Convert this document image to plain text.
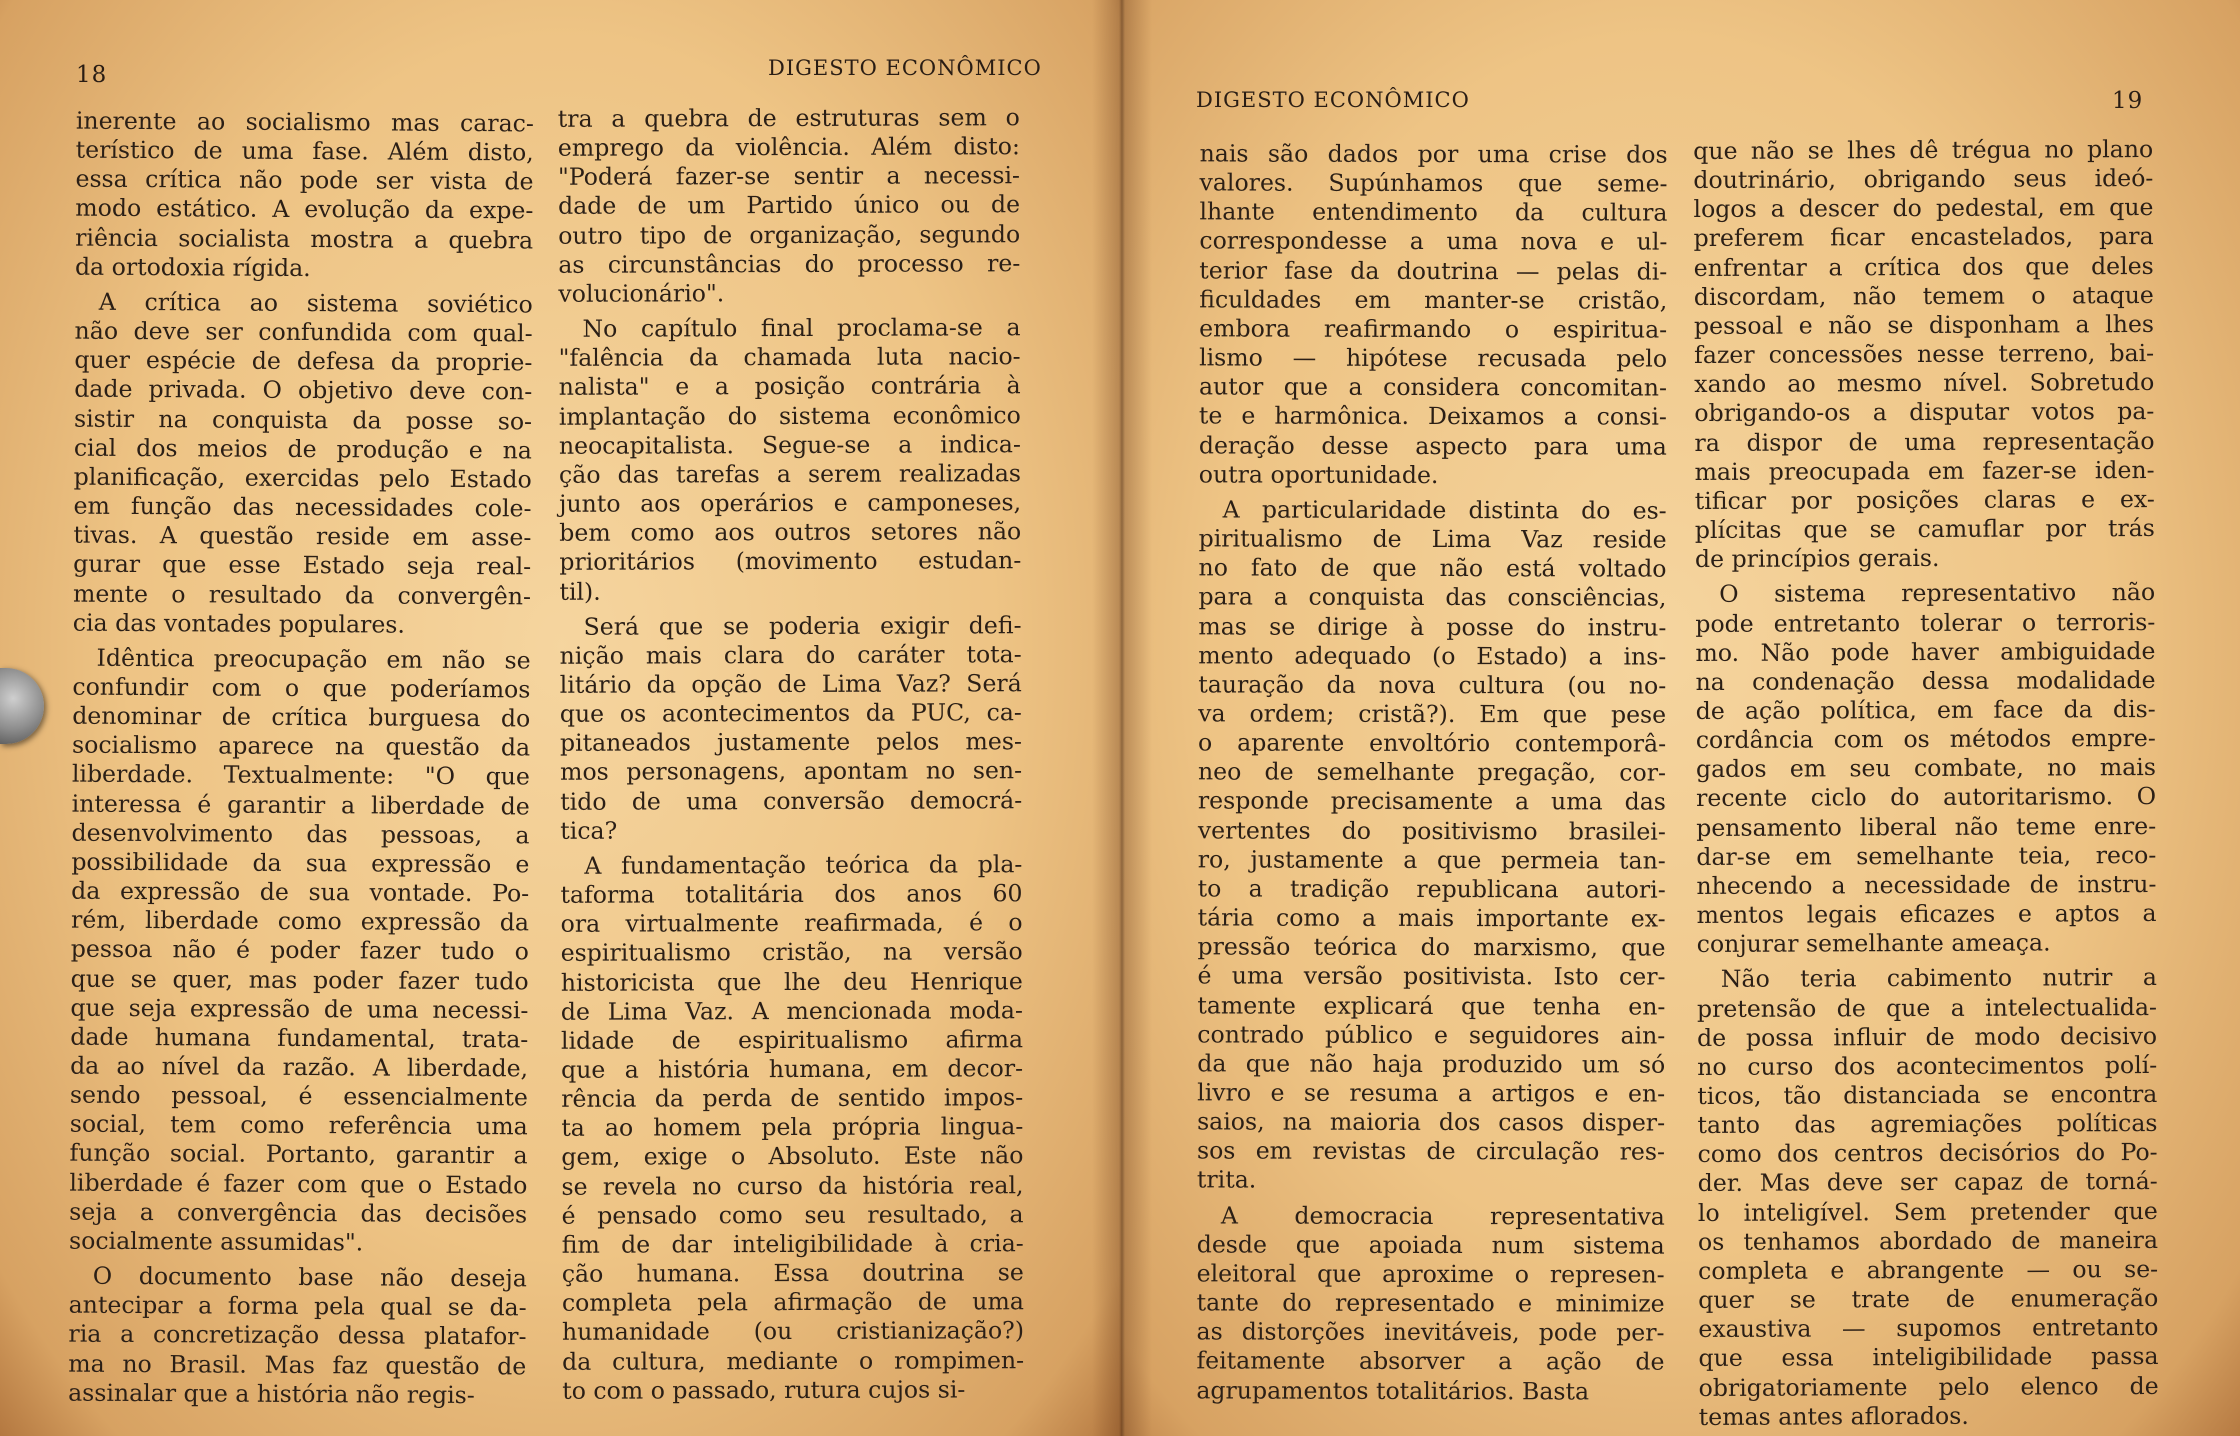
18	DIGESTO ECONÔMICO
inerente ao socialismo mas carac-
terístico de uma fase. Além disto,
essa crítica não pode ser vista de
modo estático. A evolução da expe-
riência socialista mostra a quebra
da ortodoxia rígida.
A crítica ao sistema soviético
não deve ser confundida com qual-
quer espécie de defesa da proprie-
dade privada. O objetivo deve con-
sistir na conquista da posse so-
cial dos meios de produção e na
planificação, exercidas pelo Estado
em função das necessidades cole-
tivas. A questão reside em asse-
gurar que esse Estado seja real-
mente o resultado da convergên-
cia das vontades populares.
Idêntica preocupação em não se
confundir com o que poderíamos
denominar de crítica burguesa do
socialismo aparece na questão da
liberdade. Textualmente: "O que
interessa é garantir a liberdade de
desenvolvimento das pessoas, a
possibilidade da sua expressão e
da expressão de sua vontade. Po-
rém, liberdade como expressão da
pessoa não é poder fazer tudo o
que se quer, mas poder fazer tudo
que seja expressão de uma necessi-
dade humana fundamental, trata-
da ao nível da razão. A liberdade,
sendo pessoal, é essencialmente
social, tem como referência uma
função social. Portanto, garantir a
liberdade é fazer com que o Estado
seja a convergência das decisões
socialmente assumidas".
O documento base não deseja
antecipar a forma pela qual se da-
ria a concretização dessa platafor-
ma no Brasil. Mas faz questão de
assinalar que a história não regis-
tra a quebra de estruturas sem o
emprego da violência. Além disto:
"Poderá fazer-se sentir a necessi-
dade de um Partido único ou de
outro tipo de organização, segundo
as circunstâncias do processo re-
volucionário".
No capítulo final proclama-se a
"falência da chamada luta nacio-
nalista" e a posição contrária à
implantação do sistema econômico
neocapitalista. Segue-se a indica-
ção das tarefas a serem realizadas
junto aos operários e camponeses,
bem como aos outros setores não
prioritários (movimento estudan-
til).
Será que se poderia exigir defi-
nição mais clara do caráter tota-
litário da opção de Lima Vaz? Será
que os acontecimentos da PUC, ca-
pitaneados justamente pelos mes-
mos personagens, apontam no sen-
tido de uma conversão democrá-
tica?
A fundamentação teórica da pla-
taforma totalitária dos anos 60
ora virtualmente reafirmada, é o
espiritualismo cristão, na versão
historicista que lhe deu Henrique
de Lima Vaz. A mencionada moda-
lidade de espiritualismo afirma
que a história humana, em decor-
rência da perda de sentido impos-
ta ao homem pela própria lingua-
gem, exige o Absoluto. Este não
se revela no curso da história real,
é pensado como seu resultado, a
fim de dar inteligibilidade à cria-
ção humana. Essa doutrina se
completa pela afirmação de uma
humanidade (ou cristianização?)
da cultura, mediante o rompimen-
to com o passado, rutura cujos si-
DIGESTO ECONÔMICO	19
nais são dados por uma crise dos
valores. Supúnhamos que seme-
lhante entendimento da cultura
correspondesse a uma nova e ul-
terior fase da doutrina — pelas di-
ficuldades em manter-se cristão,
embora reafirmando o espiritua-
lismo — hipótese recusada pelo
autor que a considera concomitan-
te e harmônica. Deixamos a consi-
deração desse aspecto para uma
outra oportunidade.
A particularidade distinta do es-
piritualismo de Lima Vaz reside
no fato de que não está voltado
para a conquista das consciências,
mas se dirige à posse do instru-
mento adequado (o Estado) a ins-
tauração da nova cultura (ou no-
va ordem; cristã?). Em que pese
o aparente envoltório contemporâ-
neo de semelhante pregação, cor-
responde precisamente a uma das
vertentes do positivismo brasilei-
ro, justamente a que permeia tan-
to a tradição republicana autori-
tária como a mais importante ex-
pressão teórica do marxismo, que
é uma versão positivista. Isto cer-
tamente explicará que tenha en-
contrado público e seguidores ain-
da que não haja produzido um só
livro e se resuma a artigos e en-
saios, na maioria dos casos disper-
sos em revistas de circulação res-
trita.
A democracia representativa
desde que apoiada num sistema
eleitoral que aproxime o represen-
tante do representado e minimize
as distorções inevitáveis, pode per-
feitamente absorver a ação de
agrupamentos totalitários. Basta
que não se lhes dê trégua no plano
doutrinário, obrigando seus ideó-
logos a descer do pedestal, em que
preferem ficar encastelados, para
enfrentar a crítica dos que deles
discordam, não temem o ataque
pessoal e não se disponham a lhes
fazer concessões nesse terreno, bai-
xando ao mesmo nível. Sobretudo
obrigando-os a disputar votos pa-
ra dispor de uma representação
mais preocupada em fazer-se iden-
tificar por posições claras e ex-
plícitas que se camuflar por trás
de princípios gerais.
O sistema representativo não
pode entretanto tolerar o terroris-
mo. Não pode haver ambiguidade
na condenação dessa modalidade
de ação política, em face da dis-
cordância com os métodos empre-
gados em seu combate, no mais
recente ciclo do autoritarismo. O
pensamento liberal não teme enre-
dar-se em semelhante teia, reco-
nhecendo a necessidade de instru-
mentos legais eficazes e aptos a
conjurar semelhante ameaça.
Não teria cabimento nutrir a
pretensão de que a intelectualida-
de possa influir de modo decisivo
no curso dos acontecimentos polí-
ticos, tão distanciada se encontra
tanto das agremiações políticas
como dos centros decisórios do Po-
der. Mas deve ser capaz de torná-
lo inteligível. Sem pretender que
os tenhamos abordado de maneira
completa e abrangente — ou se-
quer se trate de enumeração
exaustiva — supomos entretanto
que essa inteligibilidade passa
obrigatoriamente pelo elenco de
temas antes aflorados.
